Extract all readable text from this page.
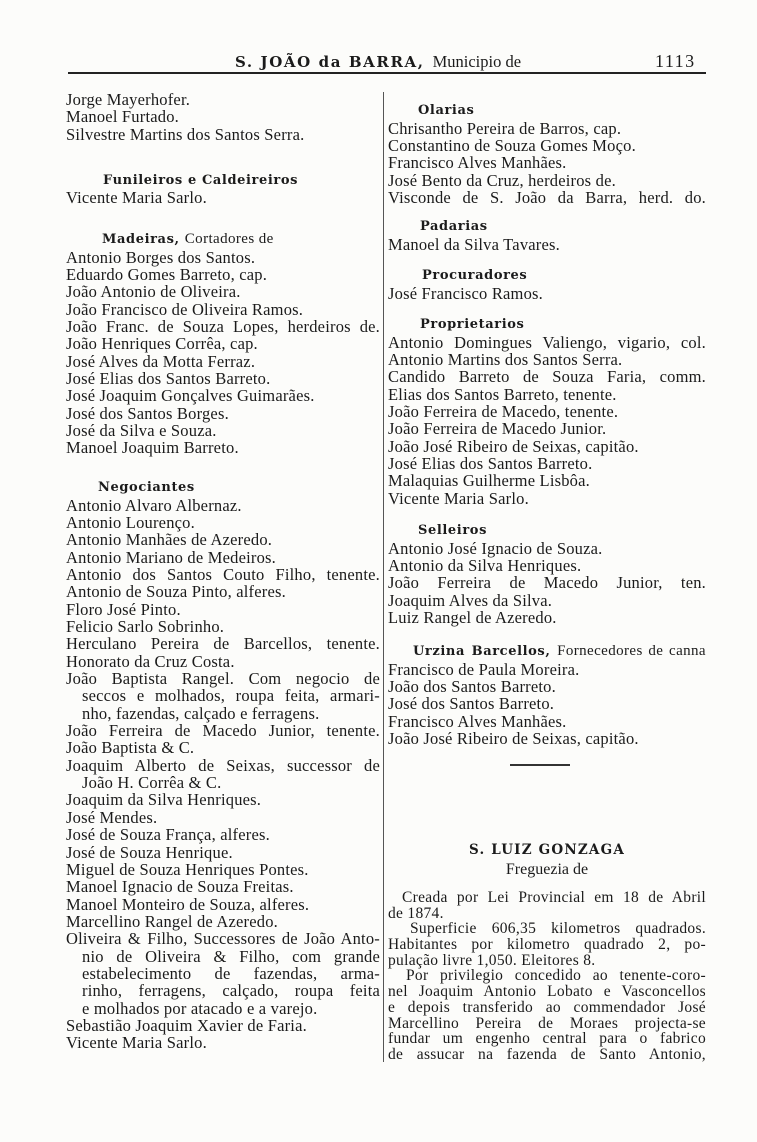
S. JOÃO da BARRA, Municipio de	1113
Jorge Mayerhofer.
Manoel Furtado.
Silvestre Martins dos Santos Serra.
Funileiros e Caldeireiros
Vicente Maria Sarlo.
Madeiras, Cortadores de
Antonio Borges dos Santos.
Eduardo Gomes Barreto, cap.
João Antonio de Oliveira.
João Francisco de Oliveira Ramos.
João Franc. de Souza Lopes, herdeiros de.
João Henriques Corrêa, cap.
José Alves da Motta Ferraz.
José Elias dos Santos Barreto.
José Joaquim Gonçalves Guimarães.
José dos Santos Borges.
José da Silva e Souza.
Manoel Joaquim Barreto.
Negociantes
Antonio Alvaro Albernaz.
Antonio Lourenço.
Antonio Manhães de Azeredo.
Antonio Mariano de Medeiros.
Antonio dos Santos Couto Filho, tenente.
Antonio de Souza Pinto, alferes.
Floro José Pinto.
Felicio Sarlo Sobrinho.
Herculano Pereira de Barcellos, tenente.
Honorato da Cruz Costa.
João Baptista Rangel. Com negocio de
seccos e molhados, roupa feita, armari-
nho, fazendas, calçado e ferragens.
João Ferreira de Macedo Junior, tenente.
João Baptista & C.
Joaquim Alberto de Seixas, successor de
João H. Corrêa & C.
Joaquim da Silva Henriques.
José Mendes.
José de Souza França, alferes.
José de Souza Henrique.
Miguel de Souza Henriques Pontes.
Manoel Ignacio de Souza Freitas.
Manoel Monteiro de Souza, alferes.
Marcellino Rangel de Azeredo.
Oliveira & Filho, Successores de João Anto-
nio de Oliveira & Filho, com grande
estabelecimento de fazendas, arma-
rinho, ferragens, calçado, roupa feita
e molhados por atacado e a varejo.
Sebastião Joaquim Xavier de Faria.
Vicente Maria Sarlo.
Olarias
Chrisantho Pereira de Barros, cap.
Constantino de Souza Gomes Moço.
Francisco Alves Manhães.
José Bento da Cruz, herdeiros de.
Visconde de S. João da Barra, herd. do.
Padarias
Manoel da Silva Tavares.
Procuradores
José Francisco Ramos.
Proprietarios
Antonio Domingues Valiengo, vigario, col.
Antonio Martins dos Santos Serra.
Candido Barreto de Souza Faria, comm.
Elias dos Santos Barreto, tenente.
João Ferreira de Macedo, tenente.
João Ferreira de Macedo Junior.
João José Ribeiro de Seixas, capitão.
José Elias dos Santos Barreto.
Malaquias Guilherme Lisbôa.
Vicente Maria Sarlo.
Selleiros
Antonio José Ignacio de Souza.
Antonio da Silva Henriques.
João Ferreira de Macedo Junior, ten.
Joaquim Alves da Silva.
Luiz Rangel de Azeredo.
Urzina Barcellos, Fornecedores de canna
Francisco de Paula Moreira.
João dos Santos Barreto.
José dos Santos Barreto.
Francisco Alves Manhães.
João José Ribeiro de Seixas, capitão.
S. LUIZ GONZAGA
Freguezia de
Creada por Lei Provincial em 18 de Abril
de 1874.
Superficie 606,35 kilometros quadrados.
Habitantes por kilometro quadrado 2, po-
pulação livre 1,050. Eleitores 8.
Por privilegio concedido ao tenente-coro-
nel Joaquim Antonio Lobato e Vasconcellos
e depois transferido ao commendador José
Marcellino Pereira de Moraes projecta-se
fundar um engenho central para o fabrico
de assucar na fazenda de Santo Antonio,
